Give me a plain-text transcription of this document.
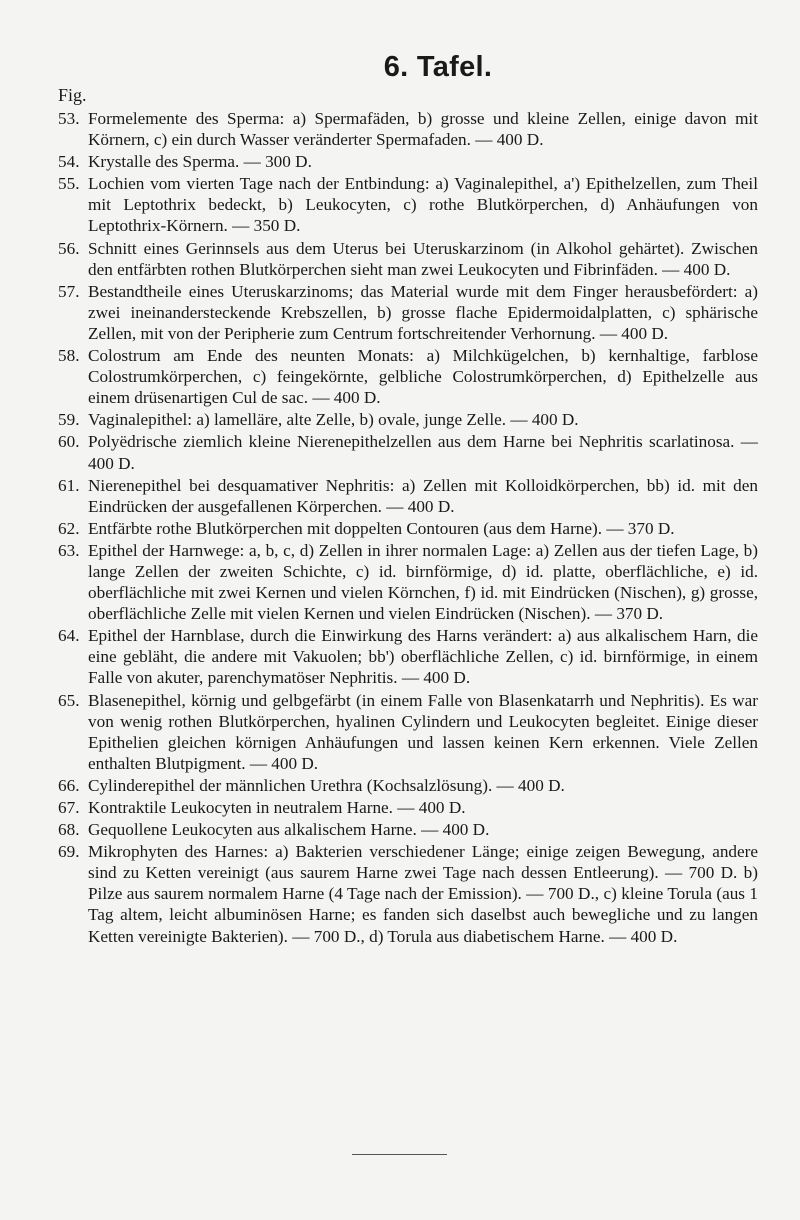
6. Tafel.
Fig.
53. Formelemente des Sperma: a) Spermafäden, b) grosse und kleine Zellen, einige davon mit Körnern, c) ein durch Wasser veränderter Spermafaden. — 400 D.
54. Krystalle des Sperma. — 300 D.
55. Lochien vom vierten Tage nach der Entbindung: a) Vaginalepithel, a') Epithelzellen, zum Theil mit Leptothrix bedeckt, b) Leukocyten, c) rothe Blutkörperchen, d) Anhäufungen von Leptothrix-Körnern. — 350 D.
56. Schnitt eines Gerinnsels aus dem Uterus bei Uteruskarzinom (in Alkohol gehärtet). Zwischen den entfärbten rothen Blutkörperchen sieht man zwei Leukocyten und Fibrinfäden. — 400 D.
57. Bestandtheile eines Uteruskarzinoms; das Material wurde mit dem Finger herausbefördert: a) zwei ineinandersteckende Krebszellen, b) grosse flache Epidermoidalplatten, c) sphärische Zellen, mit von der Peripherie zum Centrum fortschreitender Verhornung. — 400 D.
58. Colostrum am Ende des neunten Monats: a) Milchkügelchen, b) kernhaltige, farblose Colostrumkörperchen, c) feingekörnte, gelbliche Colostrumkörperchen, d) Epithelzelle aus einem drüsenartigen Cul de sac. — 400 D.
59. Vaginalepithel: a) lamelläre, alte Zelle, b) ovale, junge Zelle. — 400 D.
60. Polyëdrische ziemlich kleine Nierenepithelzellen aus dem Harne bei Nephritis scarlatinosa. — 400 D.
61. Nierenepithel bei desquamativer Nephritis: a) Zellen mit Kolloidkörperchen, bb) id. mit den Eindrücken der ausgefallenen Körperchen. — 400 D.
62. Entfärbte rothe Blutkörperchen mit doppelten Contouren (aus dem Harne). — 370 D.
63. Epithel der Harnwege: a, b, c, d) Zellen in ihrer normalen Lage: a) Zellen aus der tiefen Lage, b) lange Zellen der zweiten Schichte, c) id. birnförmige, d) id. platte, oberflächliche, e) id. oberflächliche mit zwei Kernen und vielen Körnchen, f) id. mit Eindrücken (Nischen), g) grosse, oberflächliche Zelle mit vielen Kernen und vielen Eindrücken (Nischen). — 370 D.
64. Epithel der Harnblase, durch die Einwirkung des Harns verändert: a) aus alkalischem Harn, die eine gebläht, die andere mit Vakuolen; bb') oberflächliche Zellen, c) id. birnförmige, in einem Falle von akuter, parenchymatöser Nephritis. — 400 D.
65. Blasenepithel, körnig und gelbgefärbt (in einem Falle von Blasenkatarrh und Nephritis). Es war von wenig rothen Blutkörperchen, hyalinen Cylindern und Leukocyten begleitet. Einige dieser Epithelien gleichen körnigen Anhäufungen und lassen keinen Kern erkennen. Viele Zellen enthalten Blutpigment. — 400 D.
66. Cylinderepithel der männlichen Urethra (Kochsalzlösung). — 400 D.
67. Kontraktile Leukocyten in neutralem Harne. — 400 D.
68. Gequollene Leukocyten aus alkalischem Harne. — 400 D.
69. Mikrophyten des Harnes: a) Bakterien verschiedener Länge; einige zeigen Bewegung, andere sind zu Ketten vereinigt (aus saurem Harne zwei Tage nach dessen Entleerung). — 700 D. b) Pilze aus saurem normalem Harne (4 Tage nach der Emission). — 700 D., c) kleine Torula (aus 1 Tag altem, leicht albuminösen Harne; es fanden sich daselbst auch bewegliche und zu langen Ketten vereinigte Bakterien). — 700 D., d) Torula aus diabetischem Harne. — 400 D.
